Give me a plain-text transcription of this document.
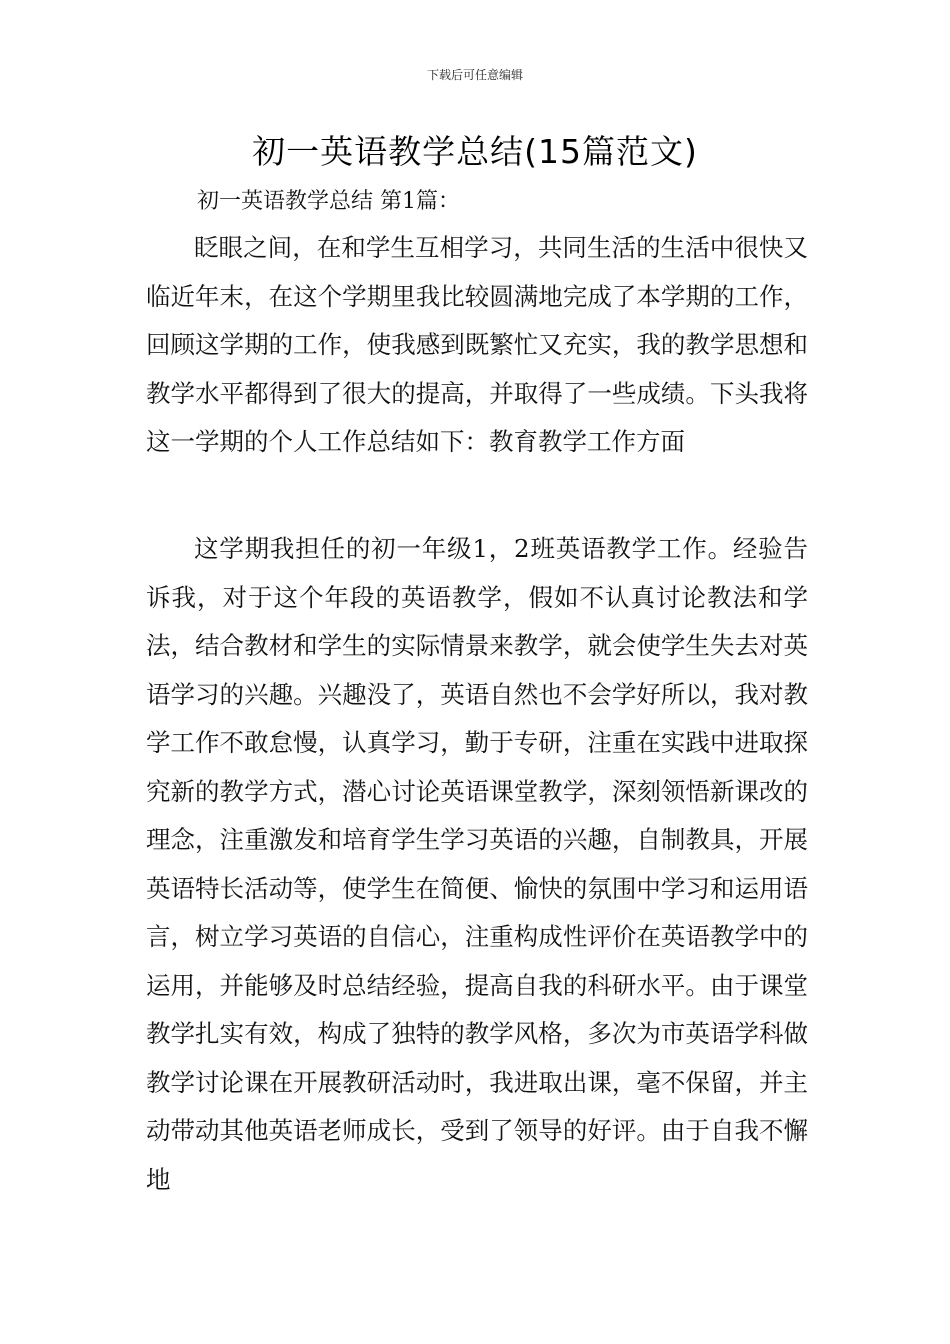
下载后可任意编辑
初一英语教学总结(15篇范文)
初一英语教学总结 第1篇：

眨眼之间，在和学生互相学习，共同生活的生活中很快又临近年末，在这个学期里我比较圆满地完成了本学期的工作，回顾这学期的工作，使我感到既繁忙又充实，我的教学思想和教学水平都得到了很大的提高，并取得了一些成绩。下头我将这一学期的个人工作总结如下：教育教学工作方面

这学期我担任的初一年级1，2班英语教学工作。经验告诉我，对于这个年段的英语教学，假如不认真讨论教法和学法，结合教材和学生的实际情景来教学，就会使学生失去对英语学习的兴趣。兴趣没了，英语自然也不会学好所以，我对教学工作不敢怠慢，认真学习，勤于专研，注重在实践中进取探究新的教学方式，潜心讨论英语课堂教学，深刻领悟新课改的理念，注重激发和培育学生学习英语的兴趣，自制教具，开展英语特长活动等，使学生在简便、愉快的氛围中学习和运用语言，树立学习英语的自信心，注重构成性评价在英语教学中的运用，并能够及时总结经验，提高自我的科研水平。由于课堂教学扎实有效，构成了独特的教学风格，多次为市英语学科做教学讨论课在开展教研活动时，我进取出课，毫不保留，并主动带动其他英语老师成长，受到了领导的好评。由于自我不懈地
